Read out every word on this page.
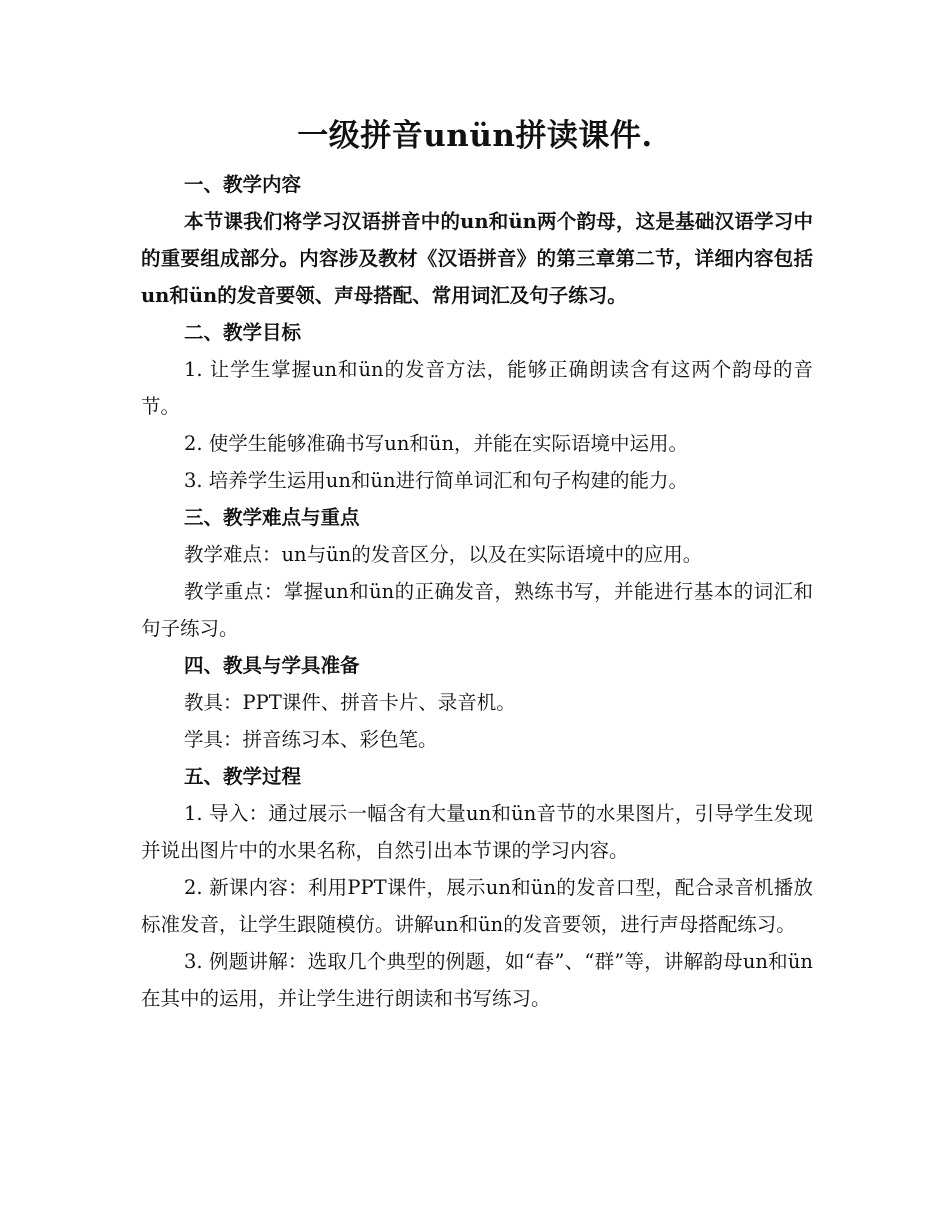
一级拼音unün拼读课件.
一、教学内容

本节课我们将学习汉语拼音中的un和ün两个韵母，这是基础汉语学习中的重要组成部分。内容涉及教材《汉语拼音》的第三章第二节，详细内容包括un和ün的发音要领、声母搭配、常用词汇及句子练习。

二、教学目标

1. 让学生掌握un和ün的发音方法，能够正确朗读含有这两个韵母的音节。

2. 使学生能够准确书写un和ün，并能在实际语境中运用。

3. 培养学生运用un和ün进行简单词汇和句子构建的能力。

三、教学难点与重点

教学难点：un与ün的发音区分，以及在实际语境中的应用。

教学重点：掌握un和ün的正确发音，熟练书写，并能进行基本的词汇和句子练习。

四、教具与学具准备

教具：PPT课件、拼音卡片、录音机。

学具：拼音练习本、彩色笔。

五、教学过程

1. 导入：通过展示一幅含有大量un和ün音节的水果图片，引导学生发现并说出图片中的水果名称，自然引出本节课的学习内容。

2. 新课内容：利用PPT课件，展示un和ün的发音口型，配合录音机播放标准发音，让学生跟随模仿。讲解un和ün的发音要领，进行声母搭配练习。

3. 例题讲解：选取几个典型的例题，如“春”、“群”等，讲解韵母un和ün在其中的运用，并让学生进行朗读和书写练习。
